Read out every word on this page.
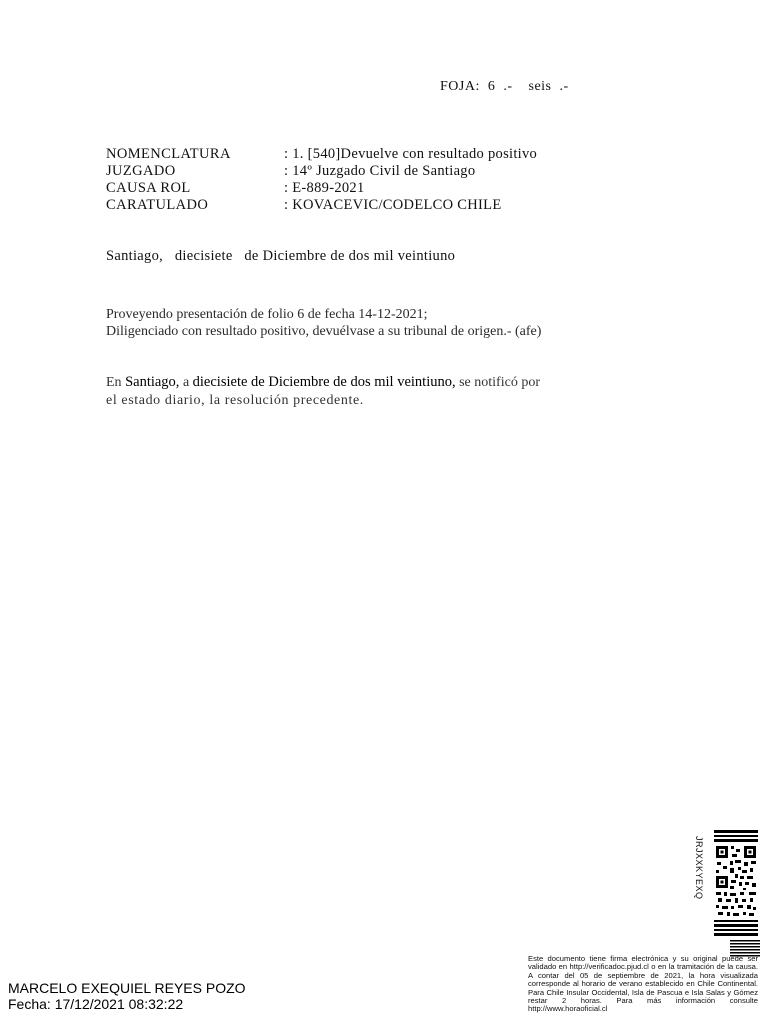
FOJA:  6  .-    seis  .-
NOMENCLATURA	: 1. [540]Devuelve con resultado positivo
JUZGADO	: 14º Juzgado Civil de Santiago
CAUSA ROL	: E-889-2021
CARATULADO	: KOVACEVIC/CODELCO CHILE
Santiago,   diecisiete   de Diciembre de dos mil veintiuno
Proveyendo presentación de folio 6 de fecha 14-12-2021;
Diligenciado con resultado positivo, devuélvase a su tribunal de origen.- (afe)
En Santiago, a diecisiete de Diciembre de dos mil veintiuno, se notificó por
el estado diario, la resolución precedente.
JRJXXKYEXQ
Este documento tiene firma electrónica y su original puede ser validado en http://verificadoc.pjud.cl o en la tramitación de la causa. A contar del 05 de septiembre de 2021, la hora visualizada corresponde al horario de verano establecido en Chile Continental. Para Chile Insular Occidental, Isla de Pascua e Isla Salas y Gómez restar 2 horas. Para más información consulte http://www.horaoficial.cl
MARCELO EXEQUIEL REYES POZO
Fecha: 17/12/2021 08:32:22
